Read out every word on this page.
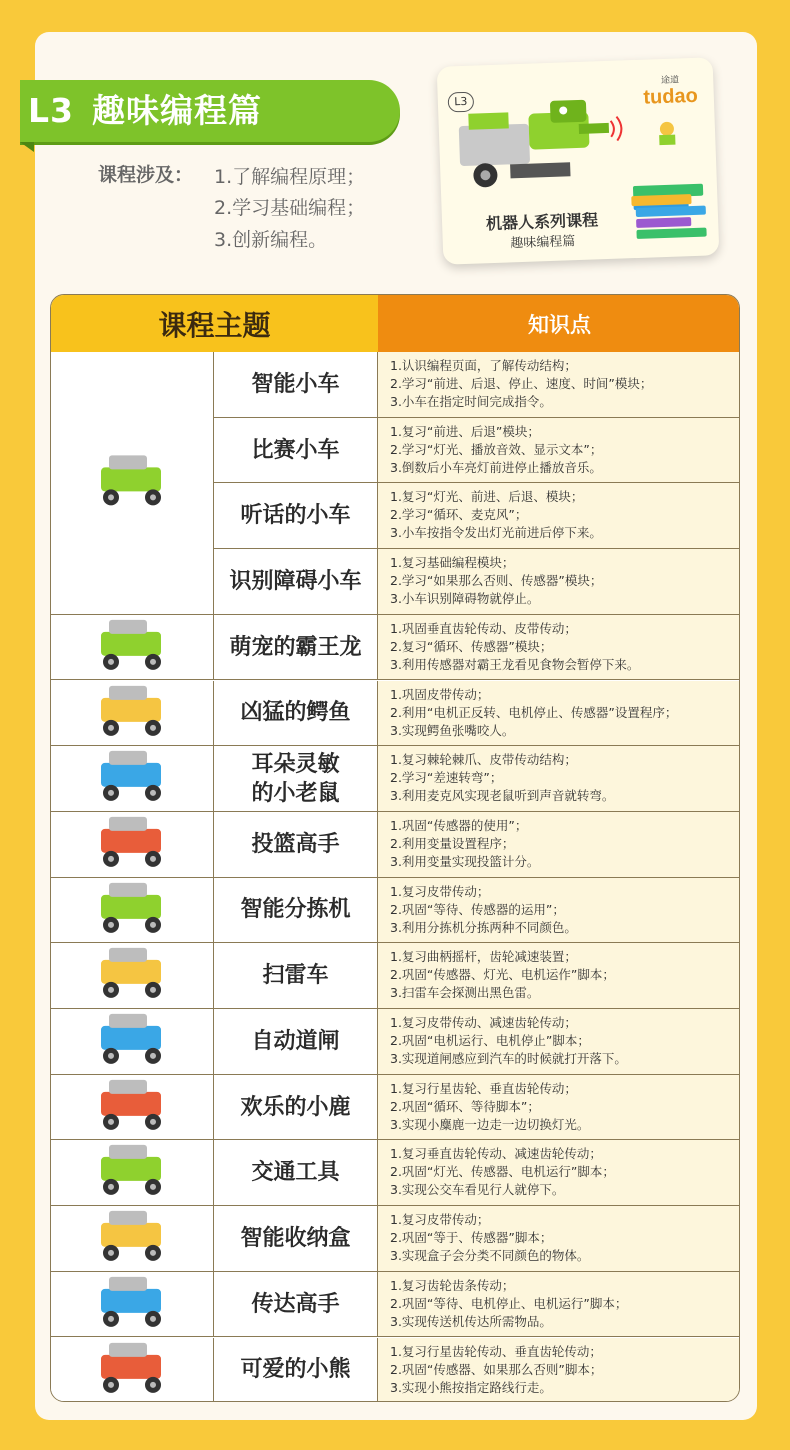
L3 趣味编程篇
课程涉及： 1.了解编程原理；
2.学习基础编程；
3.创新编程。
L3
途道
tudao
机器人系列课程
趣味编程篇
课程主题	知识点
智能小车
1.认识编程页面，了解传动结构；
2.学习“前进、后退、停止、速度、时间”模块；
3.小车在指定时间完成指令。
比赛小车
1.复习“前进、后退”模块；
2.学习“灯光、播放音效、显示文本”；
3.倒数后小车亮灯前进停止播放音乐。
听话的小车
1.复习“灯光、前进、后退、模块；
2.学习“循环、麦克风”；
3.小车按指令发出灯光前进后停下来。
识别障碍小车
1.复习基础编程模块；
2.学习“如果那么否则、传感器”模块；
3.小车识别障碍物就停止。
萌宠的霸王龙
1.巩固垂直齿轮传动、皮带传动；
2.复习“循环、传感器”模块；
3.利用传感器对霸王龙看见食物会暂停下来。
凶猛的鳄鱼
1.巩固皮带传动；
2.利用“电机正反转、电机停止、传感器”设置程序；
3.实现鳄鱼张嘴咬人。
耳朵灵敏
的小老鼠
1.复习棘轮棘爪、皮带传动结构；
2.学习“差速转弯”；
3.利用麦克风实现老鼠听到声音就转弯。
投篮高手
1.巩固“传感器的使用”；
2.利用变量设置程序；
3.利用变量实现投篮计分。
智能分拣机
1.复习皮带传动；
2.巩固“等待、传感器的运用”；
3.利用分拣机分拣两种不同颜色。
扫雷车
1.复习曲柄摇杆，齿轮减速装置；
2.巩固“传感器、灯光、电机运作”脚本；
3.扫雷车会探测出黑色雷。
自动道闸
1.复习皮带传动、减速齿轮传动；
2.巩固“电机运行、电机停止”脚本；
3.实现道闸感应到汽车的时候就打开落下。
欢乐的小鹿
1.复习行星齿轮、垂直齿轮传动；
2.巩固“循环、等待脚本”；
3.实现小麋鹿一边走一边切换灯光。
交通工具
1.复习垂直齿轮传动、减速齿轮传动；
2.巩固“灯光、传感器、电机运行”脚本；
3.实现公交车看见行人就停下。
智能收纳盒
1.复习皮带传动；
2.巩固“等于、传感器”脚本；
3.实现盒子会分类不同颜色的物体。
传达高手
1.复习齿轮齿条传动；
2.巩固“等待、电机停止、电机运行”脚本；
3.实现传送机传达所需物品。
可爱的小熊
1.复习行星齿轮传动、垂直齿轮传动；
2.巩固“传感器、如果那么否则”脚本；
3.实现小熊按指定路线行走。
